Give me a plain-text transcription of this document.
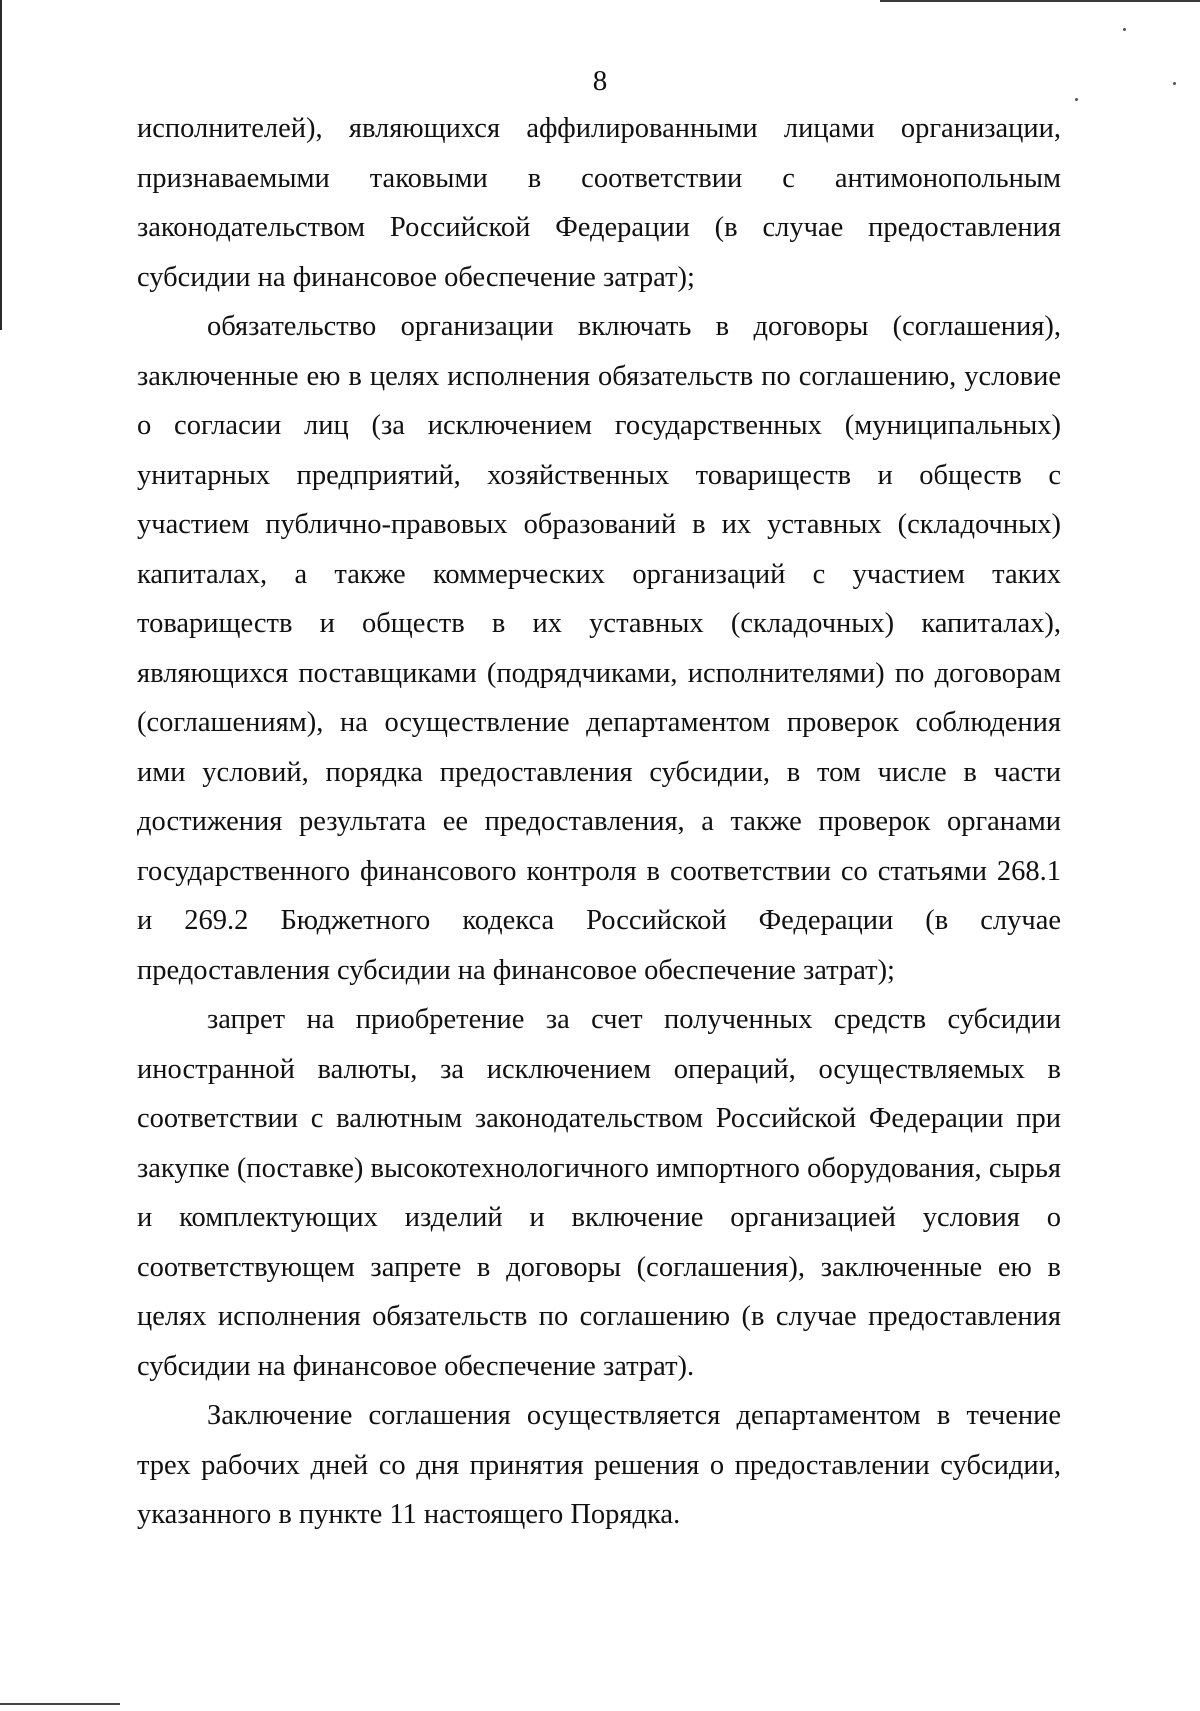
8

исполнителей), являющихся аффилированными лицами организации, признаваемыми таковыми в соответствии с антимонопольным законодательством Российской Федерации (в случае предоставления субсидии на финансовое обеспечение затрат);

обязательство организации включать в договоры (соглашения), заключенные ею в целях исполнения обязательств по соглашению, условие о согласии лиц (за исключением государственных (муниципальных) унитарных предприятий, хозяйственных товариществ и обществ с участием публично-правовых образований в их уставных (складочных) капиталах, а также коммерческих организаций с участием таких товариществ и обществ в их уставных (складочных) капиталах), являющихся поставщиками (подрядчиками, исполнителями) по договорам (соглашениям), на осуществление департаментом проверок соблюдения ими условий, порядка предоставления субсидии, в том числе в части достижения результата ее предоставления, а также проверок органами государственного финансового контроля в соответствии со статьями 268.1 и 269.2 Бюджетного кодекса Российской Федерации (в случае предоставления субсидии на финансовое обеспечение затрат);

запрет на приобретение за счет полученных средств субсидии иностранной валюты, за исключением операций, осуществляемых в соответствии с валютным законодательством Российской Федерации при закупке (поставке) высокотехнологичного импортного оборудования, сырья и комплектующих изделий и включение организацией условия о соответствующем запрете в договоры (соглашения), заключенные ею в целях исполнения обязательств по соглашению (в случае предоставления субсидии на финансовое обеспечение затрат).

Заключение соглашения осуществляется департаментом в течение трех рабочих дней со дня принятия решения о предоставлении субсидии, указанного в пункте 11 настоящего Порядка.
